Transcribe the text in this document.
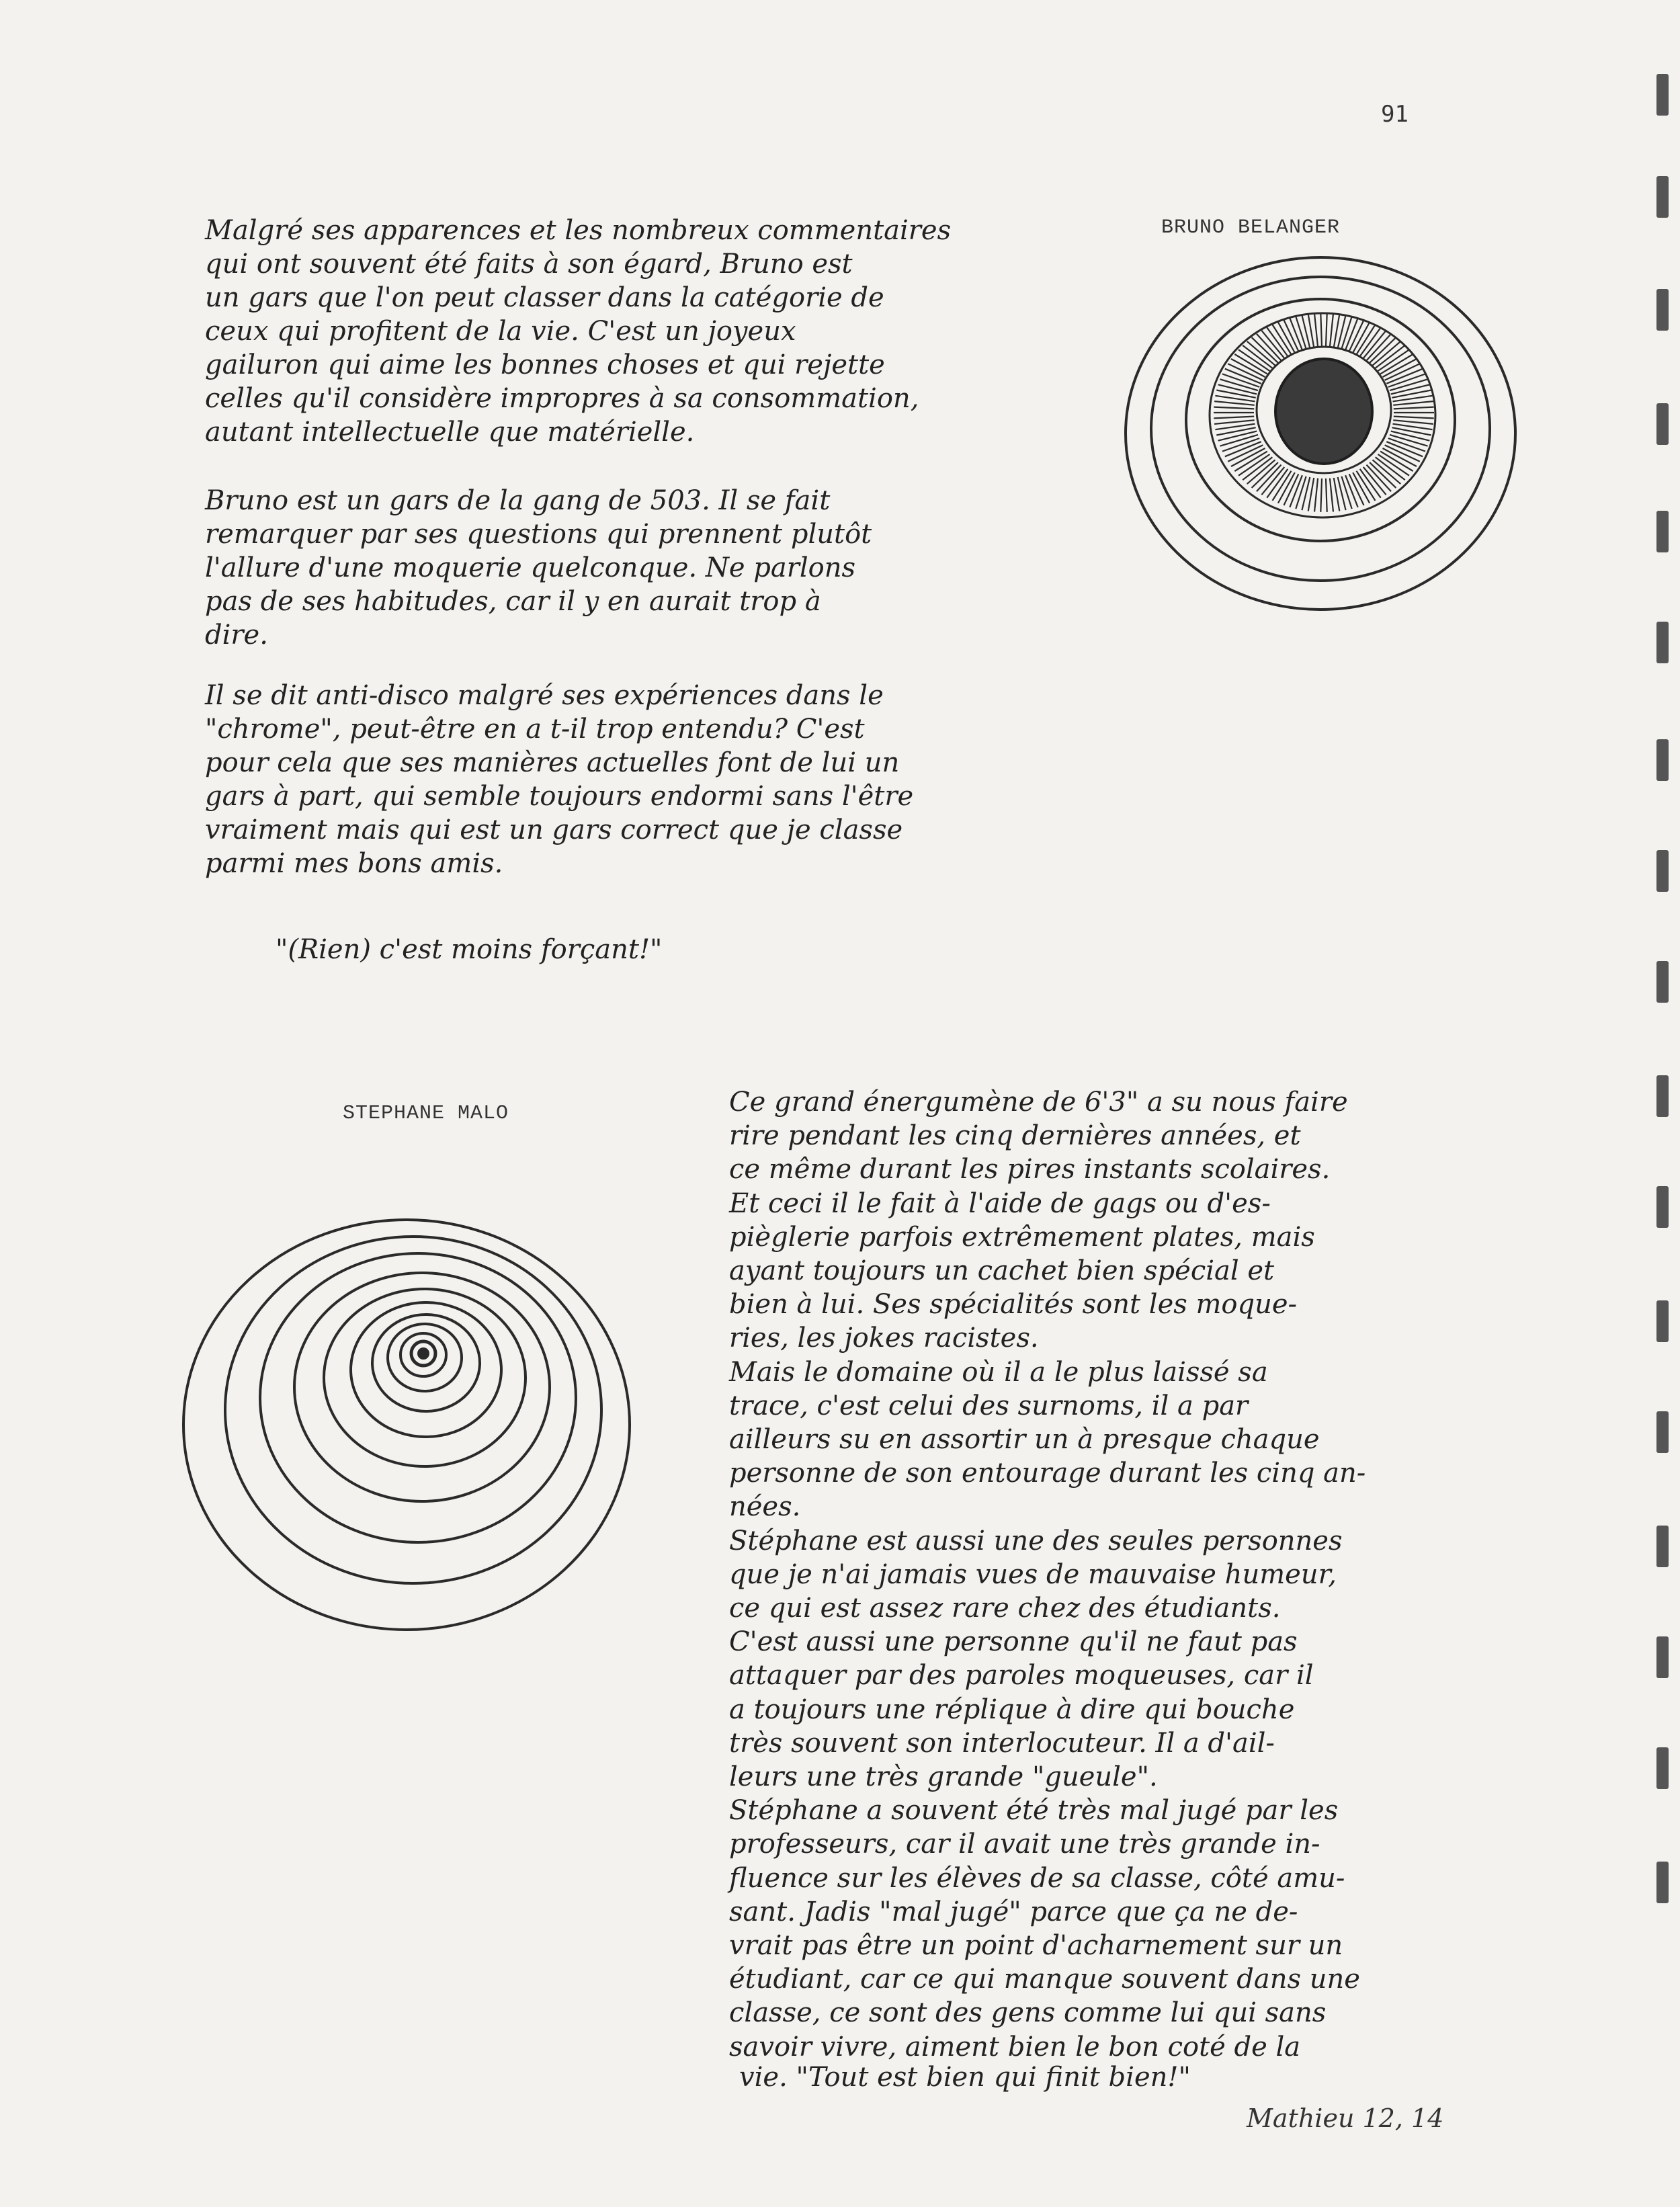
91
BRUNO BELANGER
Malgré ses apparences et les nombreux commentaires
qui ont souvent été faits à son égard, Bruno est
un gars que l'on peut classer dans la catégorie de
ceux qui profitent de la vie. C'est un joyeux
gailuron qui aime les bonnes choses et qui rejette
celles qu'il considère impropres à sa consommation,
autant intellectuelle que matérielle.
Bruno est un gars de la gang de 503. Il se fait
remarquer par ses questions qui prennent plutôt
l'allure d'une moquerie quelconque. Ne parlons
pas de ses habitudes, car il y en aurait trop à
dire.
Il se dit anti-disco malgré ses expériences dans le
"chrome", peut-être en a t-il trop entendu? C'est
pour cela que ses manières actuelles font de lui un
gars à part, qui semble toujours endormi sans l'être
vraiment mais qui est un gars correct que je classe
parmi mes bons amis.
"(Rien) c'est moins forçant!"
STEPHANE MALO	Ce grand énergumène de 6'3" a su nous faire
rire pendant les cinq dernières années, et
ce même durant les pires instants scolaires.
Et ceci il le fait à l'aide de gags ou d'es-
pièglerie parfois extrêmement plates, mais
ayant toujours un cachet bien spécial et
bien à lui. Ses spécialités sont les moque-
ries, les jokes racistes.
Mais le domaine où il a le plus laissé sa
trace, c'est celui des surnoms, il a par
ailleurs su en assortir un à presque chaque
personne de son entourage durant les cinq an-
nées.
Stéphane est aussi une des seules personnes
que je n'ai jamais vues de mauvaise humeur,
ce qui est assez rare chez des étudiants.
C'est aussi une personne qu'il ne faut pas
attaquer par des paroles moqueuses, car il
a toujours une réplique à dire qui bouche
très souvent son interlocuteur. Il a d'ail-
leurs une très grande "gueule".
Stéphane a souvent été très mal jugé par les
professeurs, car il avait une très grande in-
fluence sur les élèves de sa classe, côté amu-
sant. Jadis "mal jugé" parce que ça ne de-
vrait pas être un point d'acharnement sur un
étudiant, car ce qui manque souvent dans une
classe, ce sont des gens comme lui qui sans
savoir vivre, aiment bien le bon coté de la
vie. "Tout est bien qui finit bien!"
Mathieu 12, 14
